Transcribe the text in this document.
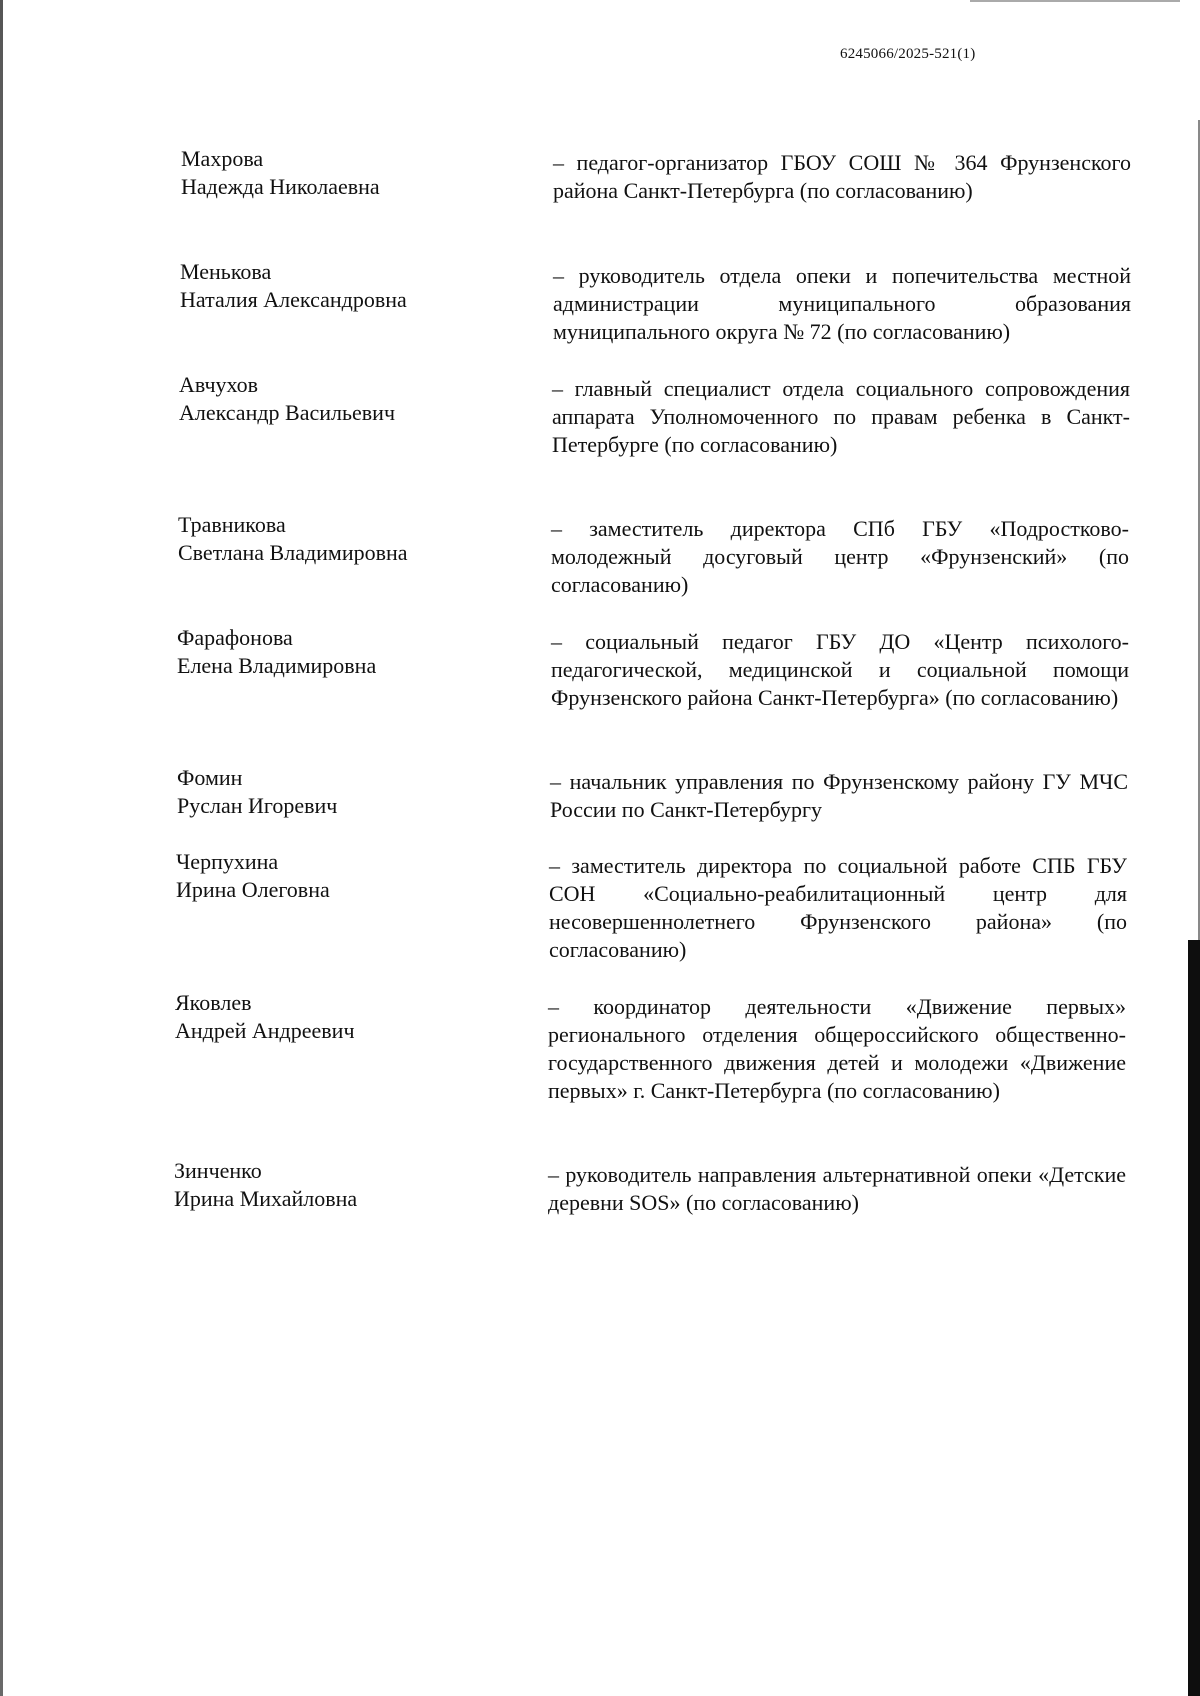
6245066/2025-521(1)
Махрова
Надежда Николаевна
– педагог-организатор ГБОУ СОШ № 364 Фрунзенского района Санкт-Петербурга (по согласованию)
Менькова
Наталия Александровна
– руководитель отдела опеки и попечительства местной администрации муниципального образования муниципального округа № 72 (по согласованию)
Авчухов
Александр Васильевич
– главный специалист отдела социального сопровождения аппарата Уполномоченного по правам ребенка в Санкт-Петербурге (по согласованию)
Травникова
Светлана Владимировна
– заместитель директора СПб ГБУ «Подростково-молодежный досуговый центр «Фрунзенский» (по согласованию)
Фарафонова
Елена Владимировна
– социальный педагог ГБУ ДО «Центр психолого-педагогической, медицинской и социальной помощи Фрунзенского района Санкт-Петербурга» (по согласованию)
Фомин
Руслан Игоревич
– начальник управления по Фрунзенскому району ГУ МЧС России по Санкт-Петербургу
Черпухина
Ирина Олеговна
– заместитель директора по социальной работе СПБ ГБУ СОН «Социально-реабилитационный центр для несовершеннолетнего Фрунзенского района» (по согласованию)
Яковлев
Андрей Андреевич
– координатор деятельности «Движение первых» регионального отделения общероссийского общественно-государственного движения детей и молодежи «Движение первых» г. Санкт-Петербурга (по согласованию)
Зинченко
Ирина Михайловна
– руководитель направления альтернативной опеки «Детские деревни SOS» (по согласованию)
